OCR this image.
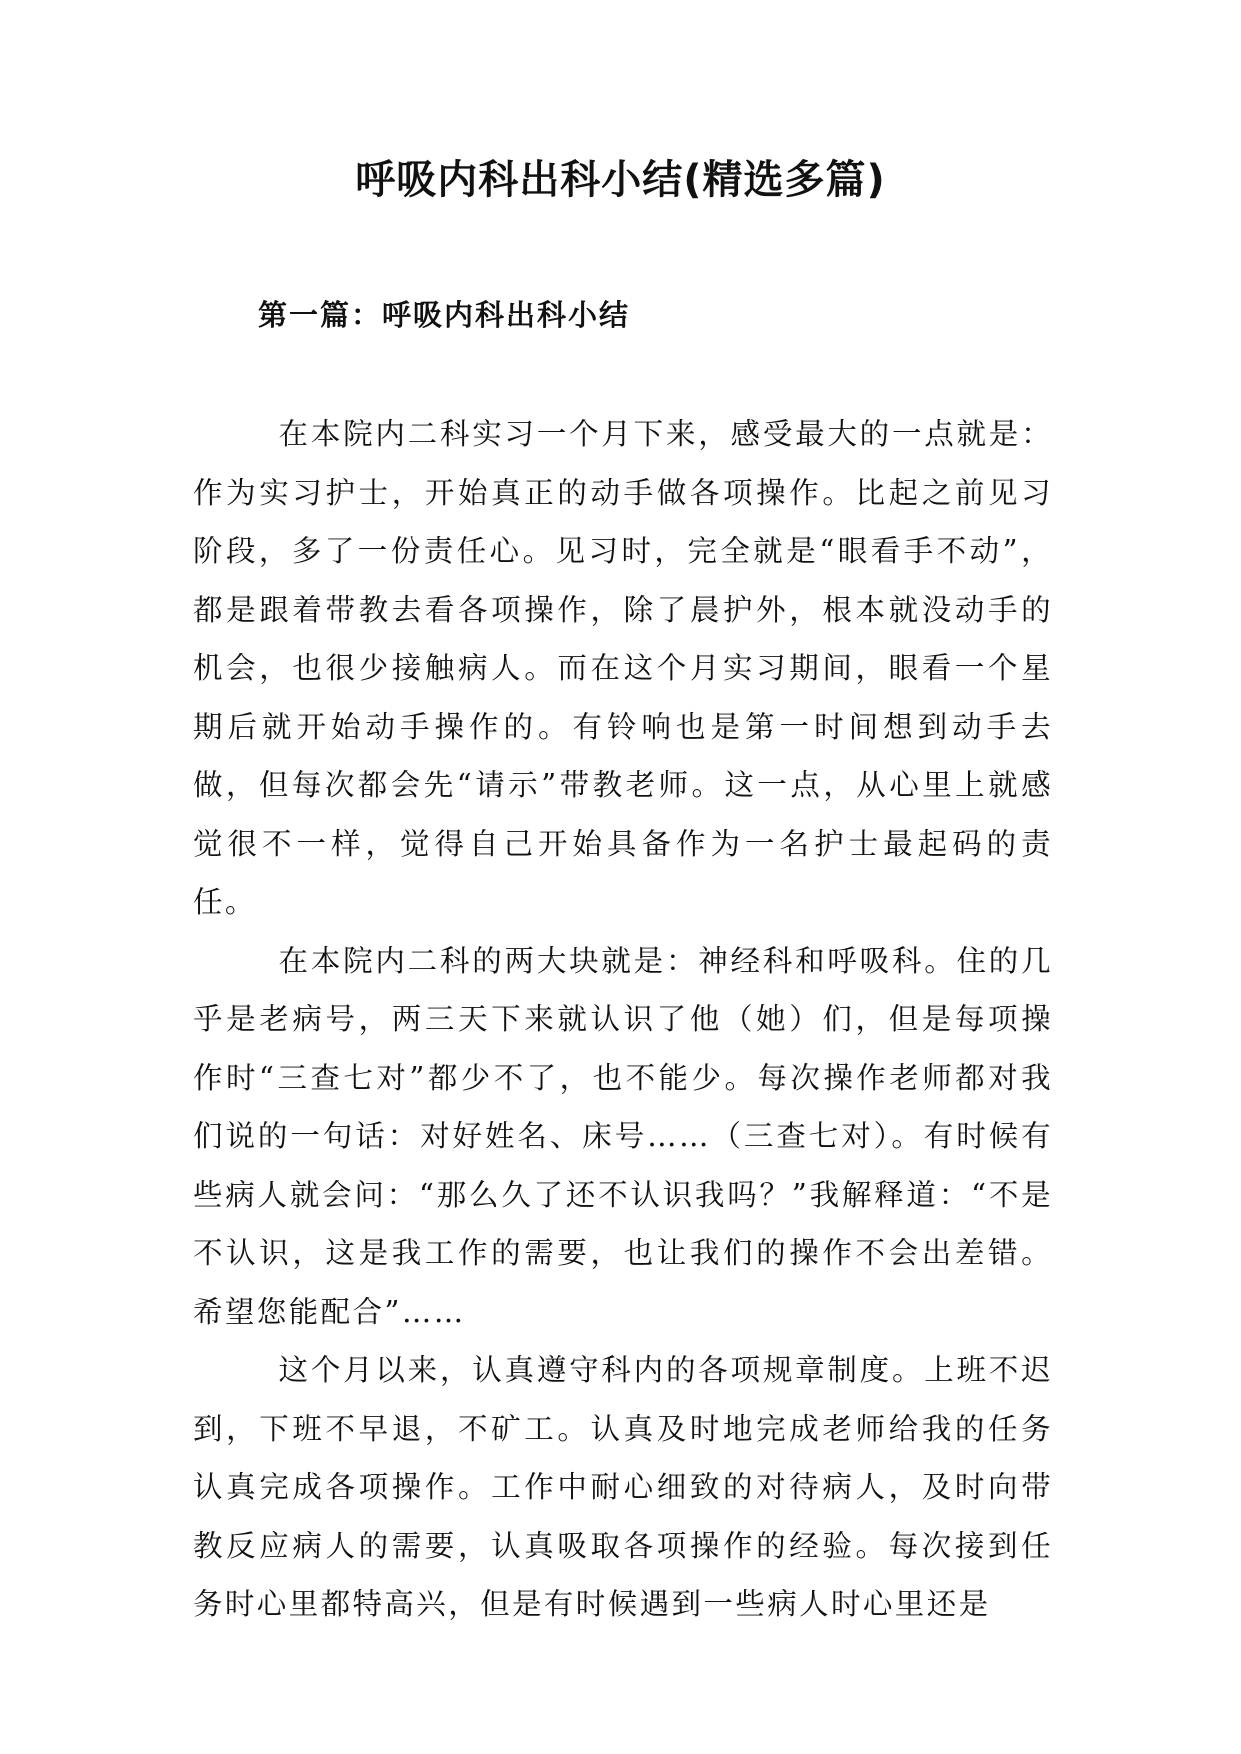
呼吸内科出科小结(精选多篇)
第一篇：呼吸内科出科小结

在本院内二科实习一个月下来，感受最大的一点就是：作为实习护士，开始真正的动手做各项操作。比起之前见习阶段，多了一份责任心。见习时，完全就是“眼看手不动”，都是跟着带教去看各项操作，除了晨护外，根本就没动手的机会，也很少接触病人。而在这个月实习期间，眼看一个星期后就开始动手操作的。有铃响也是第一时间想到动手去做，但每次都会先“请示”带教老师。这一点，从心里上就感觉很不一样，觉得自己开始具备作为一名护士最起码的责任。

在本院内二科的两大块就是：神经科和呼吸科。住的几乎是老病号，两三天下来就认识了他（她）们，但是每项操作时“三查七对”都少不了，也不能少。每次操作老师都对我们说的一句话：对好姓名、床号……（三查七对）。有时候有些病人就会问：“那么久了还不认识我吗？”我解释道：“不是不认识，这是我工作的需要，也让我们的操作不会出差错。希望您能配合”……

这个月以来，认真遵守科内的各项规章制度。上班不迟到，下班不早退，不矿工。认真及时地完成老师给我的任务认真完成各项操作。工作中耐心细致的对待病人，及时向带教反应病人的需要，认真吸取各项操作的经验。每次接到任务时心里都特高兴，但是有时候遇到一些病人时心里还是
